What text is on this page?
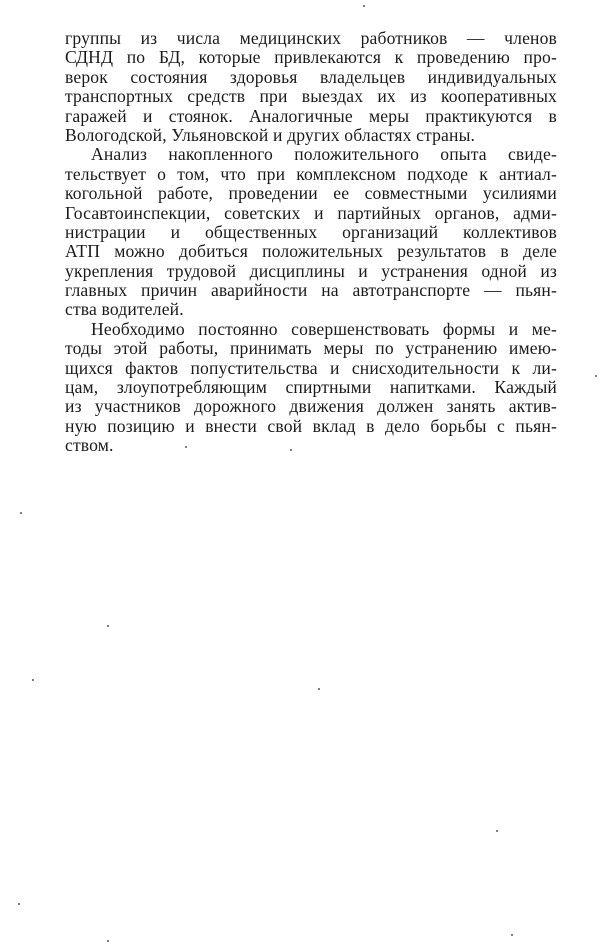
группы из числа медицинских работников — членов
СДНД по БД, которые привлекаются к проведению про-
верок состояния здоровья владельцев индивидуальных
транспортных средств при выездах их из кооперативных
гаражей и стоянок. Аналогичные меры практикуются в
Вологодской, Ульяновской и других областях страны.
Анализ накопленного положительного опыта свиде-
тельствует о том, что при комплексном подходе к антиал-
когольной работе, проведении ее совместными усилиями
Госавтоинспекции, советских и партийных органов, адми-
нистрации и общественных организаций коллективов
АТП можно добиться положительных результатов в деле
укрепления трудовой дисциплины и устранения одной из
главных причин аварийности на автотранспорте — пьян-
ства водителей.
Необходимо постоянно совершенствовать формы и ме-
тоды этой работы, принимать меры по устранению имею-
щихся фактов попустительства и снисходительности к ли-
цам, злоупотребляющим спиртными напитками. Каждый
из участников дорожного движения должен занять актив-
ную позицию и внести свой вклад в дело борьбы с пьян-
ством.
